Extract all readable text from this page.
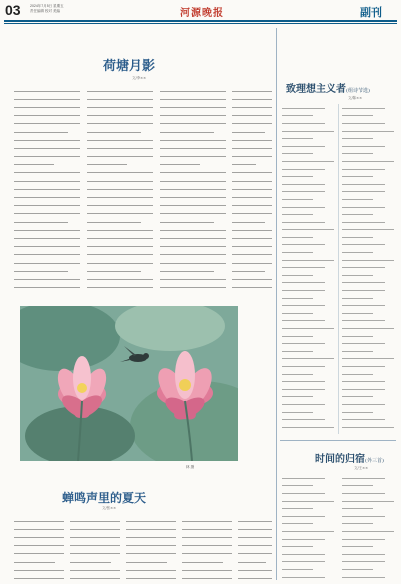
03	2024年7月5日 星期五
责任编辑 校对 美编	河源晚报	副刊
荷塘月影
文/李××
林 摄
蝉鸣声里的夏天
文/张××
致理想主义者(组诗节选)
文/陈××
时间的归宿(外三首)
文/王××
